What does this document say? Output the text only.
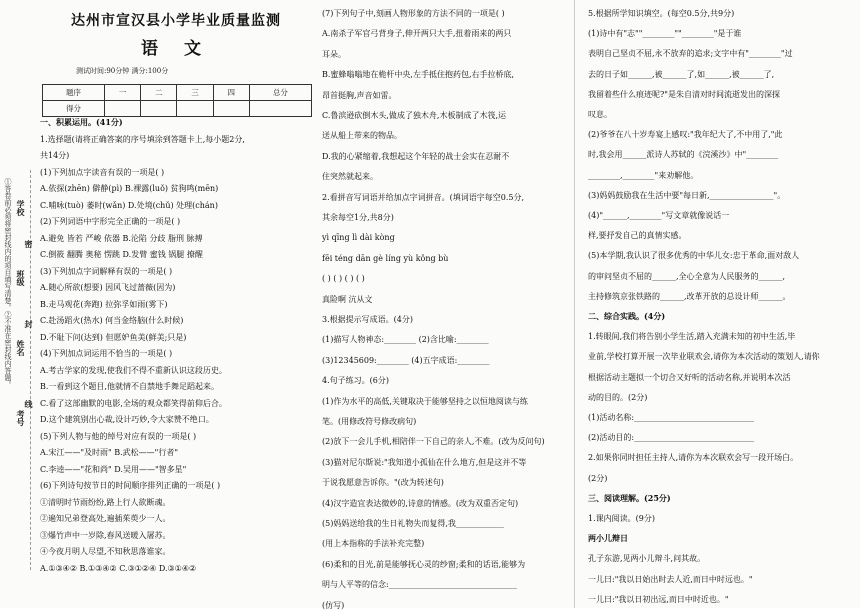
①答卷前必须将密封线内的项目填写清楚。②不准在密封线内答题。 学校
班级
姓名
考号
密
封
线
达州市宣汉县小学毕业质量监测
语 文
测试时间:90分钟 满分:100分
题序	一	二	三	四	总分
得分					
一、积累运用。(41分)
1.选择题(请将正确答案的序号填涂到答题卡上,每小题2分,
共14分)
(1)下列加点字读音有误的一项是( )
A.依探(zhēn) 僻静(pì) B.裸露(luǒ) 贫狗鸣(mēn)
C.哺咏(tuò) 萎时(wǎn) D.处境(chǔ) 处理(chán)
(2)下列词语中字形完全正确的一项是( )
A.避免 皆若 严峻 依器 B.沦陷 分歧 脂刑 脉搏
C.倒筱 翻腾 奥秘 愣跳 D.发臂 蜜钱 锅腿 撩醒
(3)下列加点字词解释有误的一项是( )
A.随心所欲(想要) 因风飞过蔷薇(因为)
B.走马观花(奔跑) 拉弥孚如雨(雾下)
C.赴汤蹈火(热水) 何当金络脑(什么时候)
D.不耻下问(达到) 但愿妒鱼美(鲜美;只是)
(4)下列加点词运用不恰当的一项是( )
A.考古学家的发现,使我们不得不重新认识这段历史。
B.一看到这个题目,他就情不自禁地手舞足蹈起来。
C.看了这部幽默的电影,全场的观众都笑得前仰后合。
D.这个建筑别出心裁,设计巧妙,令大家赞不绝口。
(5)下列人物与他的绰号对应有误的一项是( )
A.宋江——"及时雨" B.武松——"行者"
C.李逵——"花和尚" D.吴用——"智多星"
(6)下列诗句按节日的时间顺序排列正确的一项是( )
①清明时节雨纷纷,路上行人欲断魂。
②遍知兄弟登高处,遍插茱萸少一人。
③爆竹声中一岁除,春风送暖入屠苏。
④今夜月明人尽望,不知秋思落谁家。
A.①③④② B.①③④② C.③①②④ D.③①④②
(7)下列句子中,刻画人物形象的方法不同的一项是( )
A.南杀子军官弓背身子,伸开两只大手,扭着雨来的两只
耳朵。
B.蜜蜂嗡嗡地在桅杆中央,左手抵住抱药包,右手拉桥底,
昂首挺胸,声音如雷。
C.鲁滨逊砍倒木头,做成了独木舟,木板制成了木筏,运
送从船上带来的物品。
D.我的心紧缩着,我想起这个年轻的战士会实在忍耐不
住突然就起来。
2.看拼音写词语并给加点字词拼音。(填词语字每空0.5分,
其余每空1分,共8分)
yì qīng lì dài kòng
fēi téng dān gè líng yù kǒng bù
( ) ( ) ( ) ( )
真险啊 沆从文
3.根据提示写成语。(4分)
(1)描写人物神态:________ (2)含比喻:________
(3)12345609:________ (4)五字成语:________
4.句子练习。(6分)
(1)作为水平的高低,关键取决于能够坚持之以恒地阅读与练
笔。(用修改符号修改病句)
(2)放下一会儿手机,相陪伴一下自己的亲人,不难。(改为反问句)
(3)猫对尼尔斯说:"我知道小孤仙在什么地方,但是这并不等
于说我愿意告诉你。"(改为转述句)
(4)汉字造宜表达微妙的,诗意的情感。(改为双重否定句)
(5)妈妈送给我的生日礼物失而复得,我____________
(用上本指称的手法补充完整)
(6)柔和的目光,前是能够抚心灵的纱窗;柔和的话语,能够为
明与人平等的信念:________________________________
(仿写)
5.根据所学知识填空。(每空0.5分,共9分)
(1)诗中有"志""________""________"是于谁
表明自己坚贞不屈,永不放弃的追求;文字中有"________"过
去的日子如______,被______了,如______,被______了,
我留着些什么痕迹呢?"是朱自清对时间流逝发出的深探
叹息。
(2)爷爷在八十岁寿宴上感叹:"我年纪大了,不中用了,"此
时,我会用______派诗人苏轼的《浣溪沙》中"________
________,________"来劝解他。
(3)妈妈鼓励我在生活中要"每日新,________________"。
(4)"______,________"写文章就像说话一
样,要抒发自己的真情实感。
(5)本学期,我认识了很多优秀的中华儿女:忠于革命,面对敌人
的审问坚贞不屈的______,全心全意为人民服务的______,
主持修筑京张铁路的______,改革开放的总设计师______。
二、综合实践。(4分)
1.转眼间,我们将告别小学生活,踏入充满未知的初中生活,毕
业前,学校打算开展一次毕业联欢会,请你为本次活动的策划人,请你
根据活动主题拟一个切合又好听的活动名称,并说明本次活
动的目的。(2分)
(1)活动名称:______________________________
(2)活动目的:______________________________
2.如果你同时担任主持人,请你为本次联欢会写一段开场白。
(2分)
三、阅读理解。(25分)
1.课内阅读。(9分)
两小儿辩日
孔子东游,见两小儿辩斗,问其故。
一儿曰:"我以日始出时去人近,而日中时远也。"
一儿曰:"我以日初出远,而日中时近也。"
